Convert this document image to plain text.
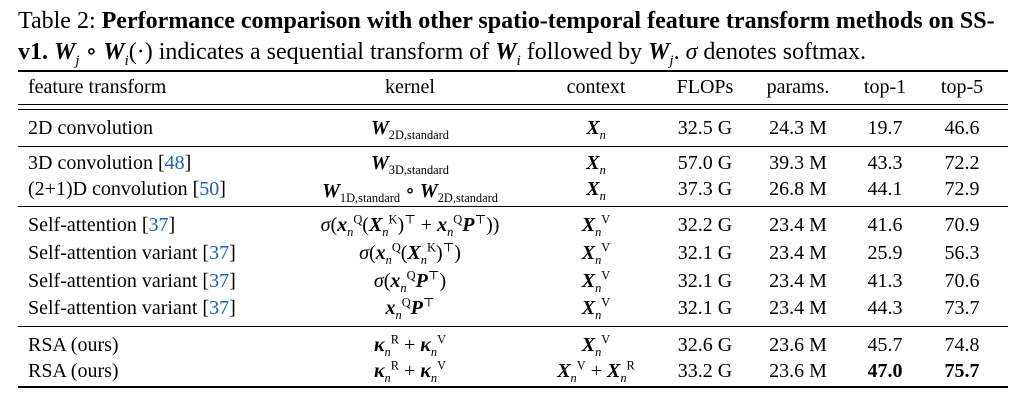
Table 2: Performance comparison with other spatio-temporal feature transform methods on SS-v1. $W_j$ ∘ $W_i(\cdot)$ indicates a sequential transform of $W_i$ followed by $W_j$. σ denotes softmax.
feature transform	kernel	context	FLOPs params. top-1 top-5
2D convolution	$W_{2D,standard}$	$X_n$	32.5 G 24.3 M 19.7 46.6
3D convolution [48]	$W_{3D,standard}$	$X_n$	57.0 G 39.3 M 43.3 72.2
(2+1)D convolution [50]	$W_{1D,standard}$ ∘ $W_{2D,standard}$	$X_n$	37.3 G 26.8 M 44.1 72.9
Self-attention [37]	$\sigma(x_n^Q(X_n^K)^⊤ + x_n^QP^⊤)$)	$X_n^V$	32.2 G 23.4 M 41.6 70.9
Self-attention variant [37]	$\sigma(x_n^Q(X_n^K)^⊤)$	$X_n^V$	32.1 G 23.4 M 25.9 56.3
Self-attention variant [37]	$\sigma(x_n^QP^⊤)$	$X_n^V$	32.1 G 23.4 M 41.3 70.6
Self-attention variant [37]	$x_n^QP^⊤$	$X_n^V$	32.1 G 23.4 M 44.3 73.7
RSA (ours)	$\kappa_n^R + \kappa_n^V$	$X_n^V$	32.6 G 23.6 M 45.7 74.8
RSA (ours)	$\kappa_n^R + \kappa_n^V$	$X_n^V + X_n^R$ 33.2 G 23.6 M 47.0 75.7
